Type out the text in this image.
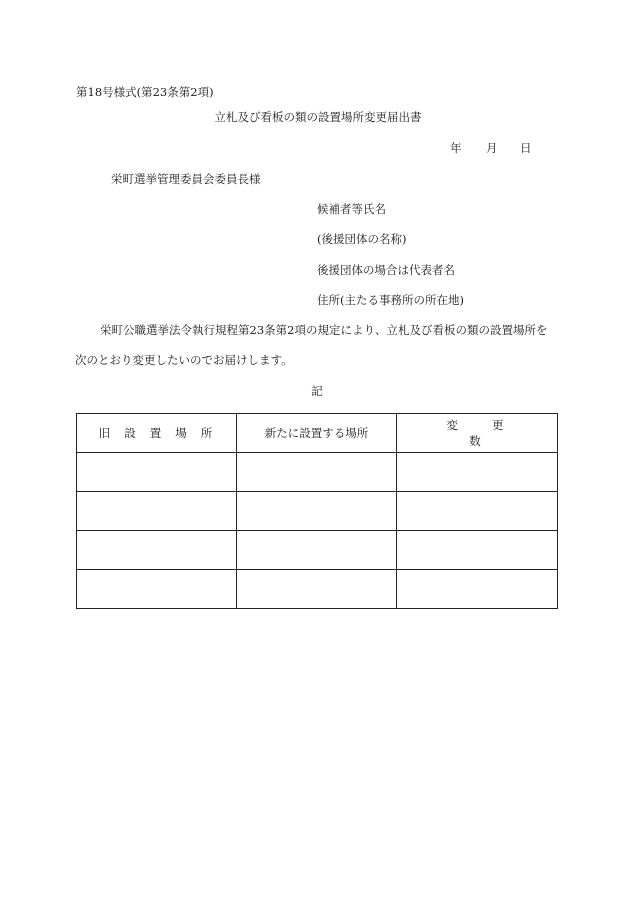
第18号様式(第23条第2項)
立札及び看板の類の設置場所変更届出書
年 月 日
栄町選挙管理委員会委員長様
候補者等氏名
(後援団体の名称)
後援団体の場合は代表者名
住所(主たる事務所の所在地)
栄町公職選挙法令執行規程第23条第2項の規定により、立札及び看板の類の設置場所を
次のとおり変更したいのでお届けします。
記
旧設置場所	新たに設置する場所	変更数
